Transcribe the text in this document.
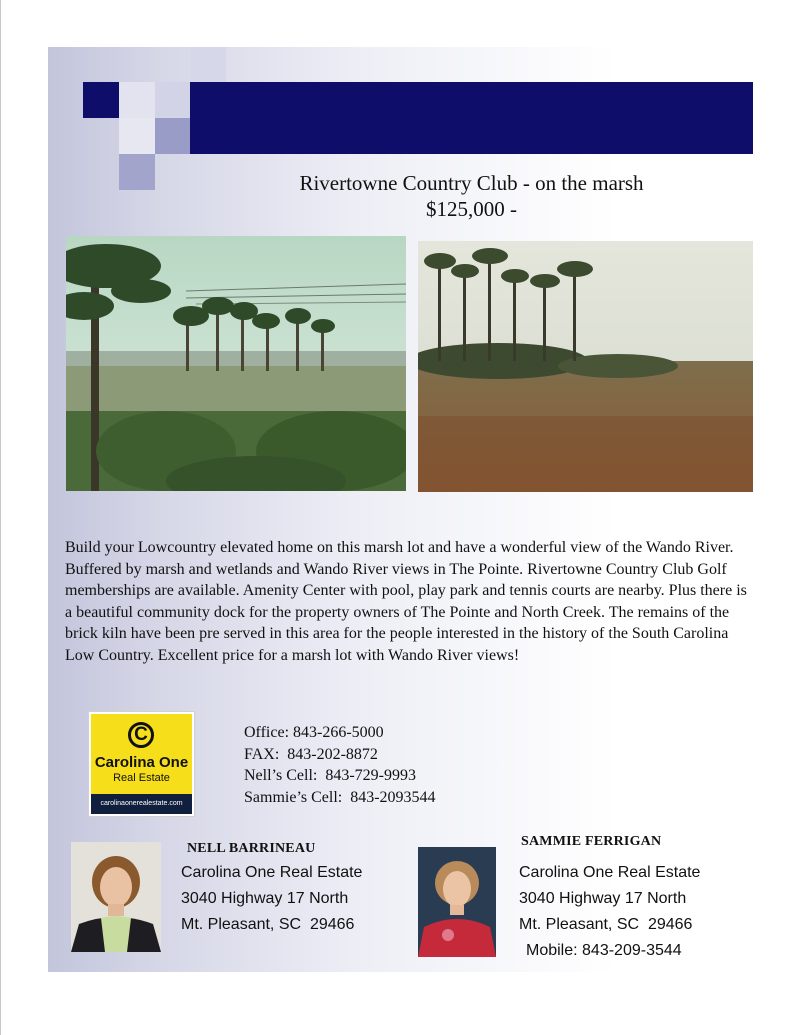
Rivertowne Country Club - on the marsh
$125,000 -

Build your Lowcountry elevated home on this marsh lot and have a wonderful view of the Wando River. Buffered by marsh and wetlands and Wando River views in The Pointe. Rivertowne Country Club Golf memberships are available. Amenity Center with pool, play park and tennis courts are nearby. Plus there is a beautiful community dock for the property owners of The Pointe and North Creek. The remains of the brick kiln have been pre served in this area for the people interested in the history of the South Carolina Low Country. Excellent price for a marsh lot with Wando River views!

C
Carolina One
Real Estate
carolinaonerealestate.com
Office: 843-266-5000
FAX:  843-202-8872
Nell’s Cell:  843-729-9993
Sammie’s Cell:  843-2093544
NELL BARRINEAU
Carolina One Real Estate
3040 Highway 17 North
Mt. Pleasant, SC  29466
SAMMIE FERRIGAN
Carolina One Real Estate
3040 Highway 17 North
Mt. Pleasant, SC  29466
Mobile: 843-209-3544
